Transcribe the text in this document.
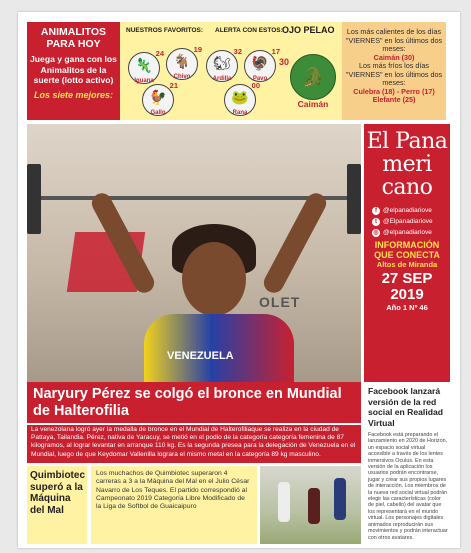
ANIMALITOS PARA HOY
Juega y gana con los Animalitos de la suerte (lotto activo)
Los siete mejores:
NUESTROS FAVORITOS: ALERTA CON ESTOS: OJO PELAO
🦎
24
Iguana
🐐
19
Chivo
🐓
21
Gallo
🐿
32
Ardilla
🦃
17
Pavo
🐸
00
Rana
🐊
30
Caimán
Los más calientes de los días "VIERNES" en los últimos dos meses:
Caimán (30)
Los más fríos los días "VIERNES" en los últimos dos meses:
Culebra (18) - Perro (17)
Elefante (25)
VENEZUELA
OLET
El Pana meri cano
f @elpanadiariove
t @Elpanadiariove
◎ @elpanadiariove
INFORMACIÓN QUE CONECTA
Altos de Miranda
27 SEP 2019
Año 1 Nº 46
Naryury Pérez se colgó el bronce en Mundial de Halterofilia
La venezolana logró ayer la medalla de bronce en el Mundial de Halterofiliaque se realiza en la ciudad de Pattaya, Tailandia. Pérez, nativa de Yaracuy, se metió en el podio de la categoría categoría femenina de 87 kilogramos, al lograr levantar en arranque 110 kg. Es la segunda presea para la delegación de Venezuela en el Mundial, luego de que Keydomar Vallenilla lograra el mismo metal en la categoría 89 kg masculino.
Facebook lanzará versión de la red social en Realidad Virtual
Facebook está preparando el lanzamiento en 2020 de Horizon, un espacio social virtual accesible a través de los lentes inmersivos Oculus. En esta versión de la aplicación los usuarios podrán encontrarse, jugar y crear sus propios lugares de interacción. Los miembros de la nueva red social virtual podrán elegir las características (color de piel, cabello) del avatar que los representará en el mundo virtual. Los personajes digitales animados reproducirán sus movimientos y podrán interactuar con otros avatares.
Quimbiotec superó a la Máquina del Mal
Los muchachos de Quimbiotec superaron 4 carreras a 3 a la Máquina del Mal en el Julio César Navarro de Los Teques. El partido correspondió al Campeonato 2019 Categoría Libre Modificado de la Liga de Softbol de Guaicaipuro
